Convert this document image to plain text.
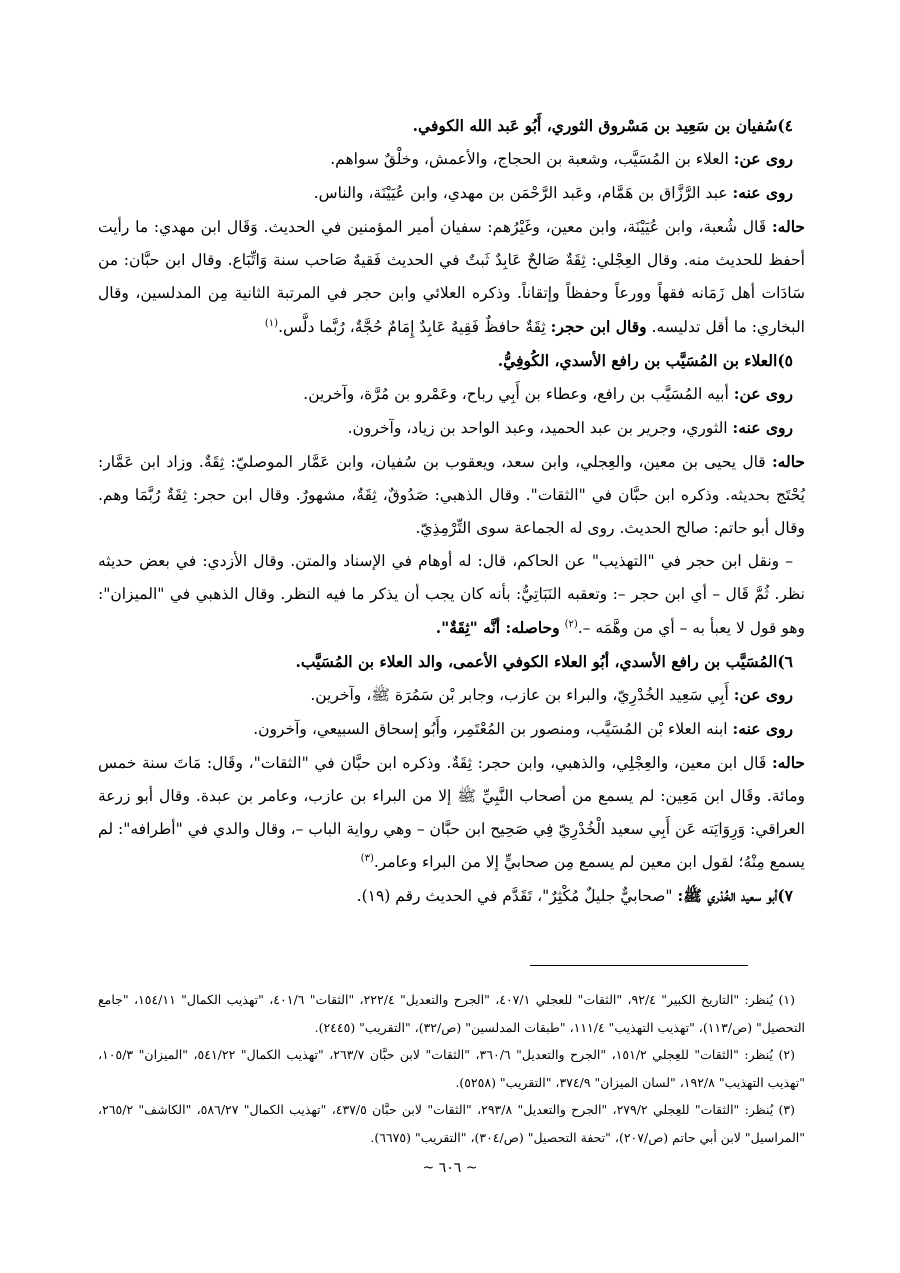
٤)سُفيان بن سَعِيد بن مَسْروق الثوري، أَبُو عَبد الله الكوفي.

روى عن: العلاء بن المُسَيَّب، وشعبة بن الحجاج، والأعمش، وخلْقٌ سواهم.

روى عنه: عبد الرَّزَّاق بن هَمَّام، وعَبد الرَّحْمَن بن مهدي، وابن عُيَيْنَة، والناس.

حاله: قَال شُعبة، وابن عُيَيْنَة، وابن معين، وغَيْرُهم: سفيان أمير المؤمنين في الحديث. وَقَال ابن مهدي: ما رأيت أحفظ للحديث منه. وقال العِجْلي: ثِقَةٌ صَالحٌ عَابِدٌ ثَبتٌ في الحديث فَقيهٌ صَاحب سنة وَاتِّبَاع. وقال ابن حبَّان: من سَادَات أهل زَمَانه فقهاً وورعاً وحفظاً وإتقاناً. وذكره العلائي وابن حجر في المرتبة الثانية مِن المدلسين، وقال البخاري: ما أقل تدليسه. وقال ابن حجر: ثِقَةٌ حافظٌ فَقِيهٌ عَابِدٌ إِمَامٌ حُجَّةٌ، رُبَّما دلَّس.$^{(١)}$

٥)العلاء بن المُسَيَّب بن رافع الأسدي، الكُوفِيُّ.

روى عن: أبيه المُسَيَّب بن رافع، وعطاء بن أَبِي رباح، وعَمْرو بن مُرَّة، وآخرين.

روى عنه: الثوري، وجرير بن عبد الحميد، وعبد الواحد بن زياد، وآخرون.

حاله: قال يحيى بن معين، والعِجلي، وابن سعد، ويعقوب بن سُفيان، وابن عَمَّار الموصليّ: ثِقَةٌ. وزاد ابن عَمَّار: يُحْتَج بحديثه. وذكره ابن حبَّان في "الثقات". وقال الذهبي: صَدُوقٌ، ثِقَةٌ، مشهورٌ. وقال ابن حجر: ثِقَةٌ رُبَّمَا وهم. وقال أبو حاتم: صالح الحديث. روى له الجماعة سوى التِّرْمِذِيّ.

– ونقل ابن حجر في "التهذيب" عن الحاكم، قال: له أوهام في الإسناد والمتن. وقال الأزدي: في بعض حديثه نظر. ثُمَّ قَال – أي ابن حجر –: وتعقبه النَبَاتِيُّ: بأنه كان يجب أن يذكر ما فيه النظر. وقال الذهبي في "الميزان": وهو قول لا يعبأ به – أي من وهَّمَه –.$^{(٢)}$ وحاصله: أنَّه "ثِقَةٌ".

٦)المُسَيَّب بن رافع الأسدي، أبُو العلاء الكوفي الأعمى، والد العلاء بن المُسَيَّب.

روى عن: أَبِي سَعِيد الخُدْرِيّ، والبراء بن عازب، وجابر بْن سَمُرَة ﷺ، وآخرين.

روى عنه: ابنه العلاء بْن المُسَيَّب، ومنصور بن المُعْتَمِر، وأَبُو إسحاق السبيعي، وآخرون.

حاله: قَال ابن معين، والعِجْلِي، والذهبي، وابن حجر: ثِقَةٌ. وذكره ابن حبَّان في "الثقات"، وقَال: مَاتَ سنة خمس ومائة. وقَال ابن مَعِين: لم يسمع من أصحاب النَّبِيِّ ﷺ إلا من البراء بن عازب، وعامر بن عبدة. وقال أبو زرعة العراقي: وَرِوَايَته عَن أَبِي سعيد الْخُدْرِيّ فِي صَحِيح ابن حبَّان – وهي رواية الباب –، وقال والدي في "أطرافه": لم يسمع مِنْهُ؛ لقول ابن معين لم يسمع مِن صحابيٍّ إلا من البراء وعامر.$^{(٣)}$

٧)أبو سعيد الخُدْري ﷺ: "صحابيٌّ جليلٌ مُكْثِرٌ"، تَقَدَّم في الحديث رقم (١٩).

(١) يُنظر: "التاريخ الكبير" ٩٢/٤، "الثقات" للعجلي ٤٠٧/١، "الجرح والتعديل" ٢٢٢/٤، "الثقات" ٤٠١/٦، "تهذيب الكمال" ١٥٤/١١، "جامع التحصيل" (ص/١١٣)، "تهذيب التهذيب" ١١١/٤، "طبقات المدلسين" (ص/٣٢)، "التقريب" (٢٤٤٥).

(٢) يُنظر: "الثقات" للعِجلي ١٥١/٢، "الجرح والتعديل" ٣٦٠/٦، "الثقات" لابن حبَّان ٢٦٣/٧، "تهذيب الكمال" ٥٤١/٢٢، "الميزان" ١٠٥/٣، "تهذيب التهذيب" ١٩٢/٨، "لسان الميزان" ٣٧٤/٩، "التقريب" (٥٢٥٨).

(٣) يُنظر: "الثقات" للعِجلي ٢٧٩/٢، "الجرح والتعديل" ٢٩٣/٨، "الثقات" لابن حبَّان ٤٣٧/٥، "تهذيب الكمال" ٥٨٦/٢٧، "الكاشف" ٢٦٥/٢، "المراسيل" لابن أبي حاتم (ص/٢٠٧)، "تحفة التحصيل" (ص/٣٠٤)، "التقريب" (٦٦٧٥).

~ ٦٠٦ ~
